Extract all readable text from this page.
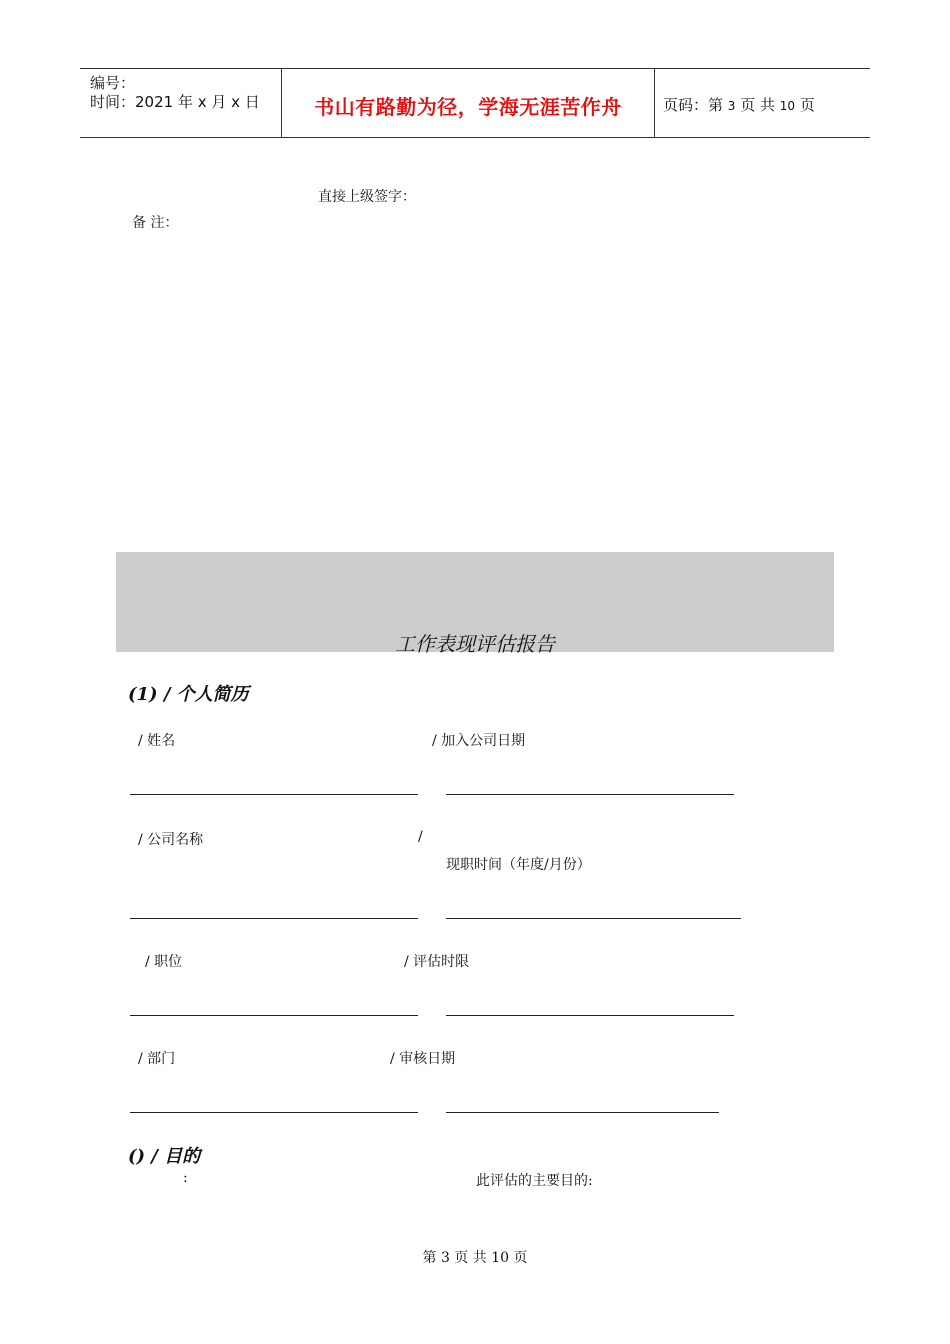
编号：
时间：2021 年 x 月 x 日	书山有路勤为径，学海无涯苦作舟	页码：第 3 页 共 10 页
直接上级签字：
备 注：
工作表现评估报告
(1) / 个人简历
/ 姓名	/ 加入公司日期
/ 公司名称	/
现职时间（年度/月份）
/ 职位	/ 评估时限
/ 部门	/ 审核日期
() / 目的
:	此评估的主要目的:
第 3 页 共 10 页
